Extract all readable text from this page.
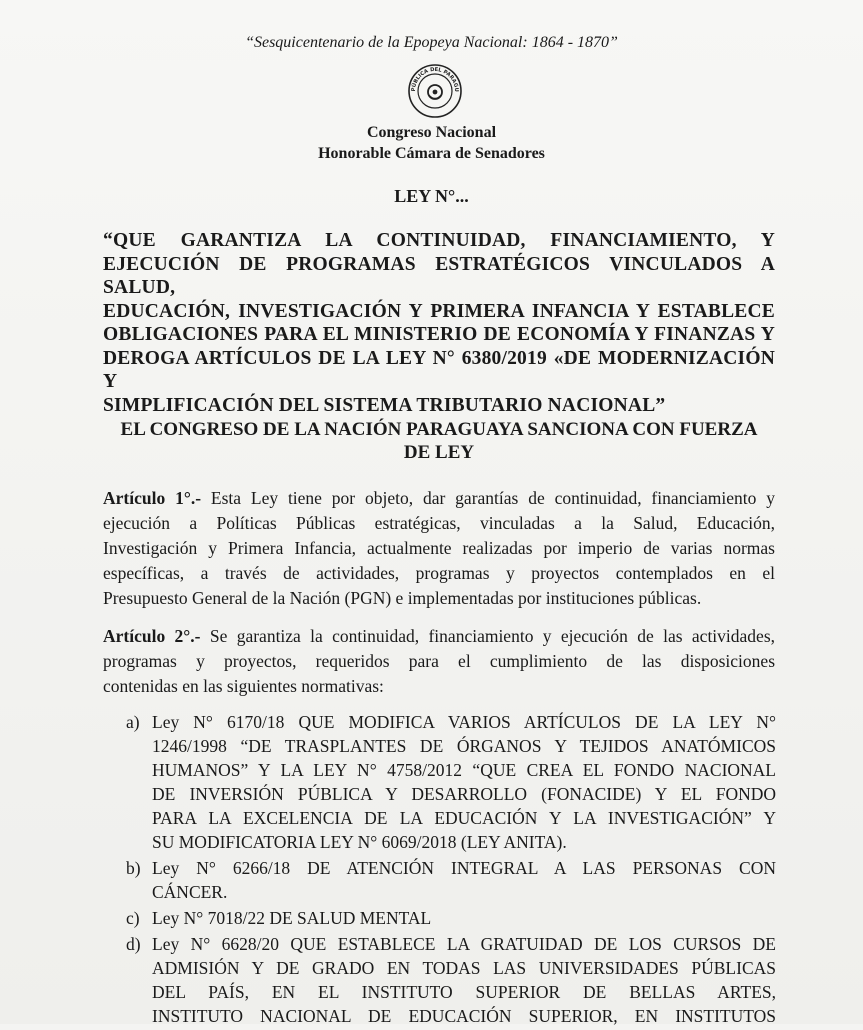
“Sesquicentenario de la Epopeya Nacional: 1864 - 1870”
PÚBLICA DEL PARAGU
Congreso Nacional
Honorable Cámara de Senadores
LEY N°...
“QUE GARANTIZA LA CONTINUIDAD, FINANCIAMIENTO, Y
EJECUCIÓN DE PROGRAMAS ESTRATÉGICOS VINCULADOS A SALUD,
EDUCACIÓN, INVESTIGACIÓN Y PRIMERA INFANCIA Y ESTABLECE
OBLIGACIONES PARA EL MINISTERIO DE ECONOMÍA Y FINANZAS Y
DEROGA ARTÍCULOS DE LA LEY N° 6380/2019 «DE MODERNIZACIÓN Y
SIMPLIFICACIÓN DEL SISTEMA TRIBUTARIO NACIONAL”
EL CONGRESO DE LA NACIÓN PARAGUAYA SANCIONA CON FUERZA
DE LEY
Artículo 1°.- Esta Ley tiene por objeto, dar garantías de continuidad, financiamiento y
ejecución a Políticas Públicas estratégicas, vinculadas a la Salud, Educación,
Investigación y Primera Infancia, actualmente realizadas por imperio de varias normas
específicas, a través de actividades, programas y proyectos contemplados en el
Presupuesto General de la Nación (PGN) e implementadas por instituciones públicas.
Artículo 2°.- Se garantiza la continuidad, financiamiento y ejecución de las actividades,
programas y proyectos, requeridos para el cumplimiento de las disposiciones
contenidas en las siguientes normativas:
a) Ley N° 6170/18 QUE MODIFICA VARIOS ARTÍCULOS DE LA LEY N°
1246/1998 “DE TRASPLANTES DE ÓRGANOS Y TEJIDOS ANATÓMICOS
HUMANOS” Y LA LEY N° 4758/2012 “QUE CREA EL FONDO NACIONAL
DE INVERSIÓN PÚBLICA Y DESARROLLO (FONACIDE) Y EL FONDO
PARA LA EXCELENCIA DE LA EDUCACIÓN Y LA INVESTIGACIÓN” Y
SU MODIFICATORIA LEY N° 6069/2018 (LEY ANITA).
b) Ley N° 6266/18 DE ATENCIÓN INTEGRAL A LAS PERSONAS CON
CÁNCER.
c) Ley N° 7018/22 DE SALUD MENTAL
d) Ley N° 6628/20 QUE ESTABLECE LA GRATUIDAD DE LOS CURSOS DE
ADMISIÓN Y DE GRADO EN TODAS LAS UNIVERSIDADES PÚBLICAS
DEL PAÍS, EN EL INSTITUTO SUPERIOR DE BELLAS ARTES,
INSTITUTO NACIONAL DE EDUCACIÓN SUPERIOR, EN INSTITUTOS
